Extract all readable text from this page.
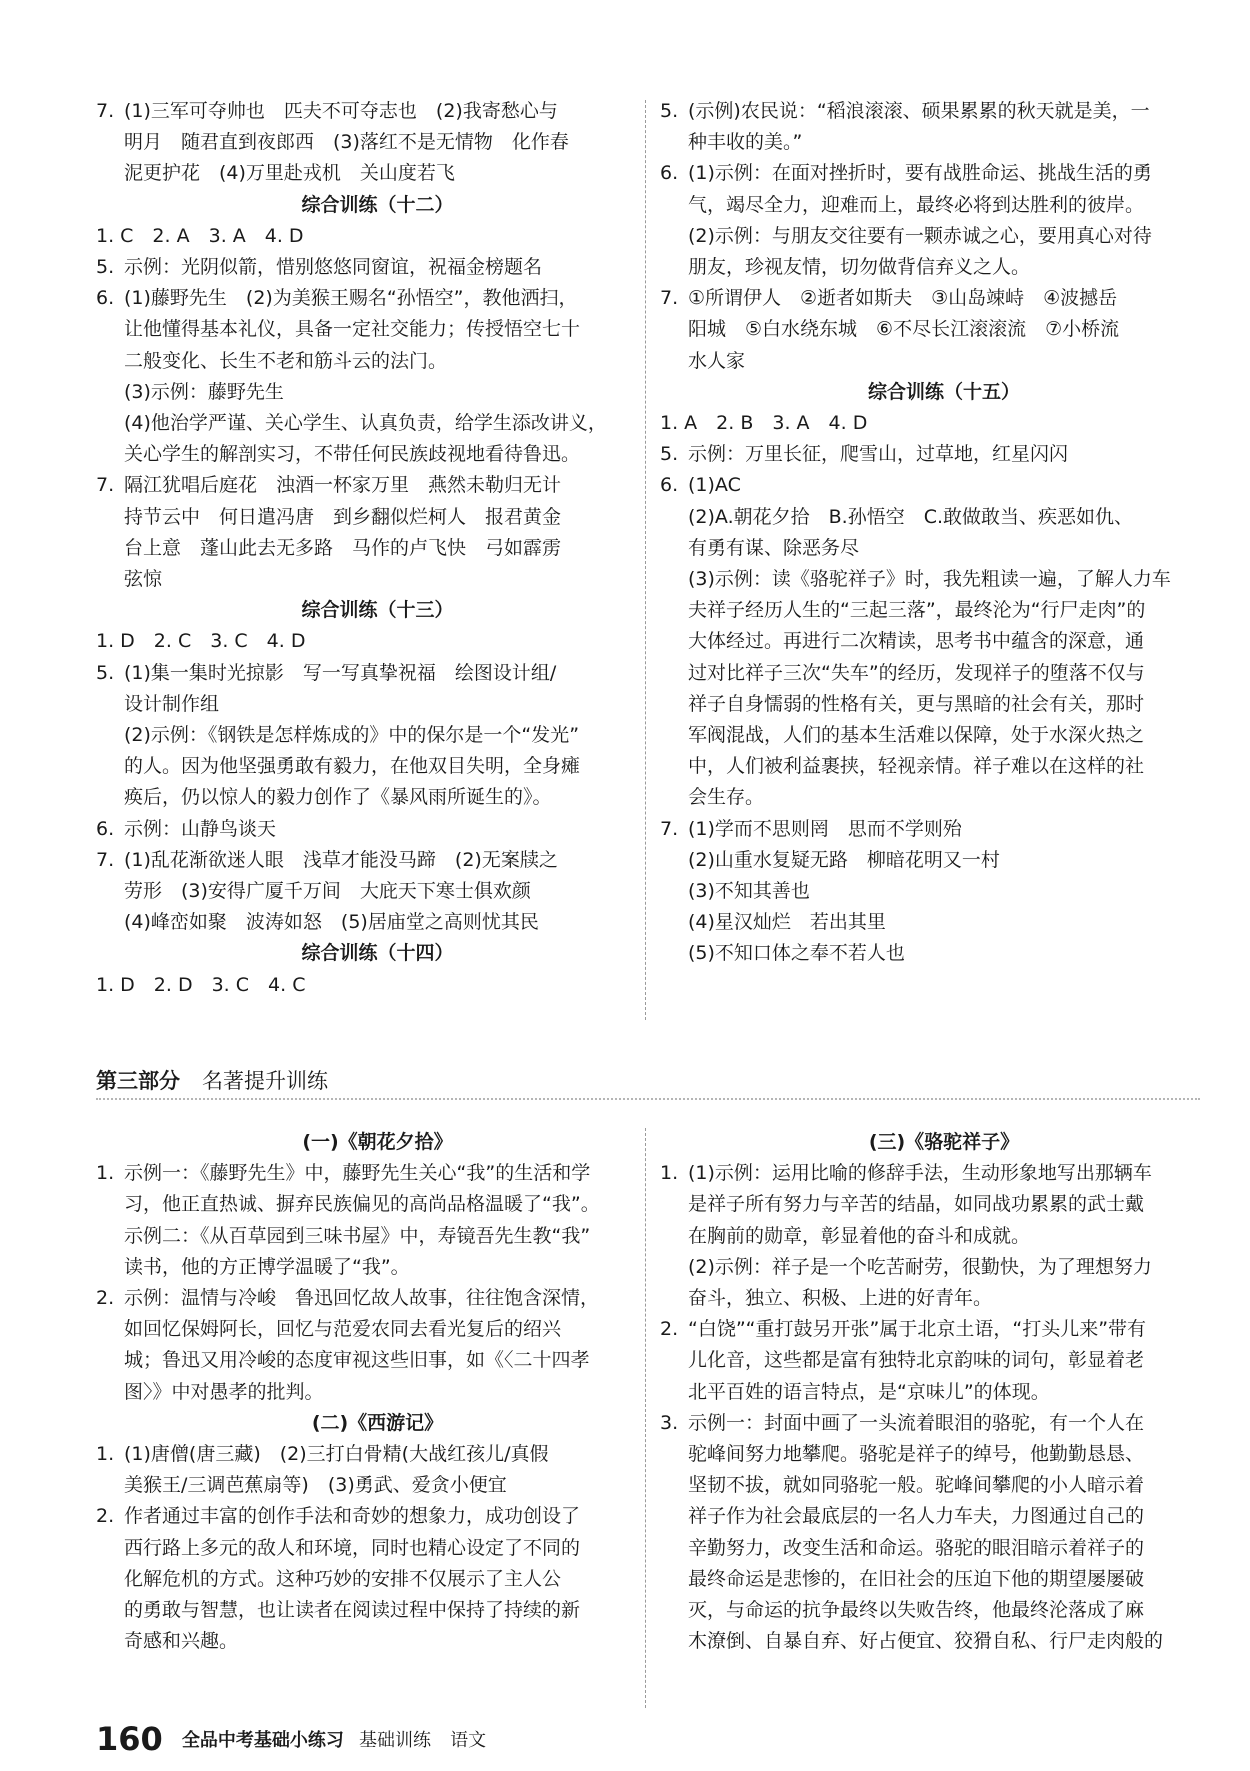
7. (1)三军可夺帅也　匹夫不可夺志也　(2)我寄愁心与
明月　随君直到夜郎西　(3)落红不是无情物　化作春
泥更护花　(4)万里赴戎机　关山度若飞

综合训练（十二）

1. C　2. A　3. A　4. D

5. 示例：光阴似箭，惜别悠悠同窗谊，祝福金榜题名
6. (1)藤野先生　(2)为美猴王赐名“孙悟空”，教他洒扫，
让他懂得基本礼仪，具备一定社交能力；传授悟空七十
二般变化、长生不老和筋斗云的法门。
(3)示例：藤野先生
(4)他治学严谨、关心学生、认真负责，给学生添改讲义，
关心学生的解剖实习，不带任何民族歧视地看待鲁迅。
7. 隔江犹唱后庭花　浊酒一杯家万里　燕然未勒归无计
持节云中　何日遣冯唐　到乡翻似烂柯人　报君黄金
台上意　蓬山此去无多路　马作的卢飞快　弓如霹雳
弦惊

综合训练（十三）

1. D　2. C　3. C　4. D

5. (1)集一集时光掠影　写一写真挚祝福　绘图设计组/
设计制作组
(2)示例：《钢铁是怎样炼成的》中的保尔是一个“发光”
的人。因为他坚强勇敢有毅力，在他双目失明，全身瘫
痪后，仍以惊人的毅力创作了《暴风雨所诞生的》。
6. 示例：山静鸟谈天
7. (1)乱花渐欲迷人眼　浅草才能没马蹄　(2)无案牍之
劳形　(3)安得广厦千万间　大庇天下寒士俱欢颜
(4)峰峦如聚　波涛如怒　(5)居庙堂之高则忧其民

综合训练（十四）

1. D　2. D　3. C　4. C

5. (示例)农民说：“稻浪滚滚、硕果累累的秋天就是美，一
种丰收的美。”
6. (1)示例：在面对挫折时，要有战胜命运、挑战生活的勇
气，竭尽全力，迎难而上，最终必将到达胜利的彼岸。
(2)示例：与朋友交往要有一颗赤诚之心，要用真心对待
朋友，珍视友情，切勿做背信弃义之人。
7. ①所谓伊人　②逝者如斯夫　③山岛竦峙　④波撼岳
阳城　⑤白水绕东城　⑥不尽长江滚滚流　⑦小桥流
水人家

综合训练（十五）

1. A　2. B　3. A　4. D

5. 示例：万里长征，爬雪山，过草地，红星闪闪
6. (1)AC
(2)A.朝花夕拾　B.孙悟空　C.敢做敢当、疾恶如仇、
有勇有谋、除恶务尽
(3)示例：读《骆驼祥子》时，我先粗读一遍，了解人力车
夫祥子经历人生的“三起三落”，最终沦为“行尸走肉”的
大体经过。再进行二次精读，思考书中蕴含的深意，通
过对比祥子三次“失车”的经历，发现祥子的堕落不仅与
祥子自身懦弱的性格有关，更与黑暗的社会有关，那时
军阀混战，人们的基本生活难以保障，处于水深火热之
中，人们被利益裹挟，轻视亲情。祥子难以在这样的社
会生存。
7. (1)学而不思则罔　思而不学则殆
(2)山重水复疑无路　柳暗花明又一村
(3)不知其善也
(4)星汉灿烂　若出其里
(5)不知口体之奉不若人也
第三部分 名著提升训练

(一)《朝花夕拾》

1. 示例一：《藤野先生》中，藤野先生关心“我”的生活和学
习，他正直热诚、摒弃民族偏见的高尚品格温暖了“我”。
示例二：《从百草园到三味书屋》中，寿镜吾先生教“我”
读书，他的方正博学温暖了“我”。
2. 示例：温情与冷峻　鲁迅回忆故人故事，往往饱含深情，
如回忆保姆阿长，回忆与范爱农同去看光复后的绍兴
城；鲁迅又用冷峻的态度审视这些旧事，如《〈二十四孝
图〉》中对愚孝的批判。

(二)《西游记》

1. (1)唐僧(唐三藏)　(2)三打白骨精(大战红孩儿/真假
美猴王/三调芭蕉扇等)　(3)勇武、爱贪小便宜
2. 作者通过丰富的创作手法和奇妙的想象力，成功创设了
西行路上多元的敌人和环境，同时也精心设定了不同的
化解危机的方式。这种巧妙的安排不仅展示了主人公
的勇敢与智慧，也让读者在阅读过程中保持了持续的新
奇感和兴趣。

(三)《骆驼祥子》

1. (1)示例：运用比喻的修辞手法，生动形象地写出那辆车
是祥子所有努力与辛苦的结晶，如同战功累累的武士戴
在胸前的勋章，彰显着他的奋斗和成就。
(2)示例：祥子是一个吃苦耐劳，很勤快，为了理想努力
奋斗，独立、积极、上进的好青年。
2. “白饶”“重打鼓另开张”属于北京土语，“打头儿来”带有
儿化音，这些都是富有独特北京韵味的词句，彰显着老
北平百姓的语言特点，是“京味儿”的体现。
3. 示例一：封面中画了一头流着眼泪的骆驼，有一个人在
驼峰间努力地攀爬。骆驼是祥子的绰号，他勤勤恳恳、
坚韧不拔，就如同骆驼一般。驼峰间攀爬的小人暗示着
祥子作为社会最底层的一名人力车夫，力图通过自己的
辛勤努力，改变生活和命运。骆驼的眼泪暗示着祥子的
最终命运是悲惨的，在旧社会的压迫下他的期望屡屡破
灭，与命运的抗争最终以失败告终，他最终沦落成了麻
木潦倒、自暴自弃、好占便宜、狡猾自私、行尸走肉般的
160 全品中考基础小练习 基础训练 语文
